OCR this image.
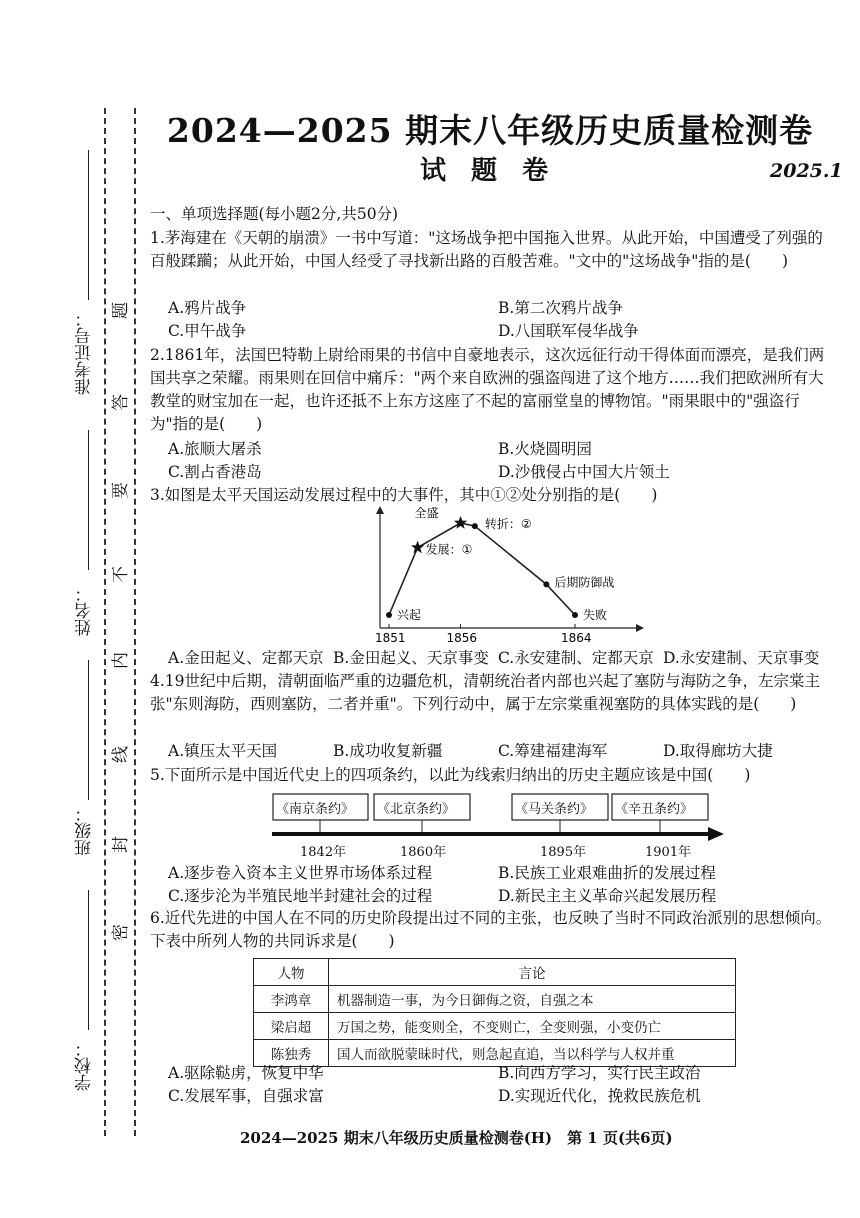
准考证号：
姓名：
班级：
学校：
题
答
要
不
内
线
封
密
2024—2025 期末八年级历史质量检测卷
试 题 卷	2025.1
一、单项选择题(每小题2分,共50分)
1.茅海建在《天朝的崩溃》一书中写道："这场战争把中国拖入世界。从此开始，中国遭受了列强的百般蹂躏；从此开始，中国人经受了寻找新出路的百般苦难。"文中的"这场战争"指的是(　　)
A.鸦片战争	B.第二次鸦片战争
C.甲午战争	D.八国联军侵华战争
2.1861年，法国巴特勒上尉给雨果的书信中自豪地表示，这次远征行动干得体面而漂亮，是我们两国共享之荣耀。雨果则在回信中痛斥："两个来自欧洲的强盗闯进了这个地方……我们把欧洲所有大教堂的财宝加在一起，也许还抵不上东方这座了不起的富丽堂皇的博物馆。"雨果眼中的"强盗行为"指的是(　　)
A.旅顺大屠杀	B.火烧圆明园
C.割占香港岛	D.沙俄侵占中国大片领土
3.如图是太平天国运动发展过程中的大事件，其中①②处分别指的是(　　)
兴起
发展：①
全盛
转折：②
后期防御战
失败
1851	1856	1864
A.金田起义、定都天京 B.金田起义、天京事变 C.永安建制、定都天京 D.永安建制、天京事变
4.19世纪中后期，清朝面临严重的边疆危机，清朝统治者内部也兴起了塞防与海防之争，左宗棠主张"东则海防，西则塞防，二者并重"。下列行动中，属于左宗棠重视塞防的具体实践的是(　　)
A.镇压太平天国	B.成功收复新疆	C.筹建福建海军	D.取得廊坊大捷
5.下面所示是中国近代史上的四项条约，以此为线索归纳出的历史主题应该是中国(　　)
《南京条约》 《北京条约》	《马关条约》 《辛丑条约》
1842年	1860年	1895年	1901年
A.逐步卷入资本主义世界市场体系过程	B.民族工业艰难曲折的发展过程
C.逐步沦为半殖民地半封建社会的过程	D.新民主主义革命兴起发展历程
6.近代先进的中国人在不同的历史阶段提出过不同的主张，也反映了当时不同政治派别的思想倾向。下表中所列人物的共同诉求是(　　)
人物	言论
李鸿章	机器制造一事，为今日御侮之资，自强之本
梁启超	万国之势，能变则全，不变则亡，全变则强，小变仍亡
陈独秀	国人而欲脱蒙昧时代，则急起直追，当以科学与人权并重
A.驱除鞑虏，恢复中华	B.向西方学习，实行民主政治
C.发展军事，自强求富	D.实现近代化，挽救民族危机
2024—2025 期末八年级历史质量检测卷(H)　第 1 页(共6页)
